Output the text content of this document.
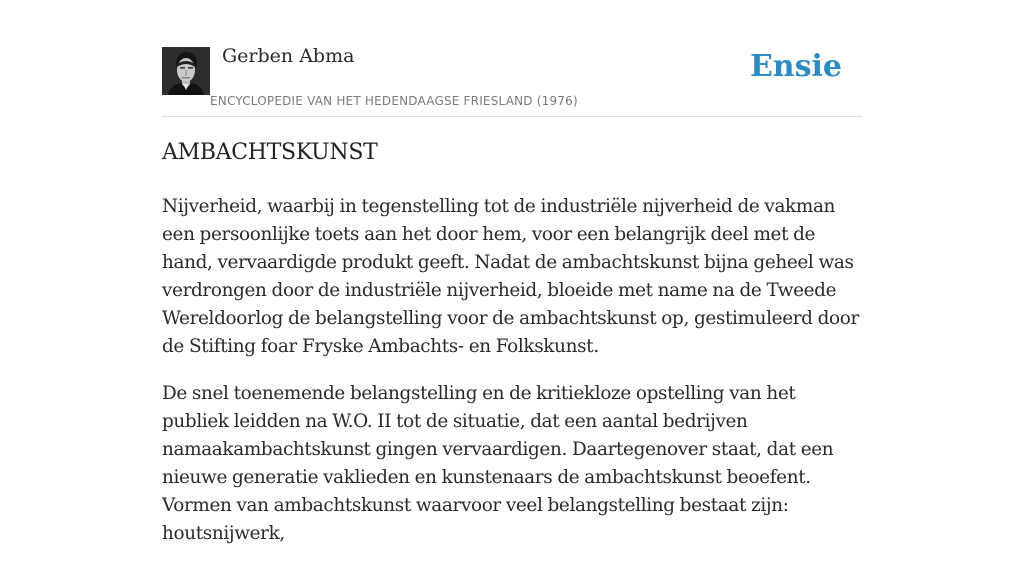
Gerben Abma
ENCYCLOPEDIE VAN HET HEDENDAAGSE FRIESLAND (1976)
Ensie
AMBACHTSKUNST

Nijverheid, waarbij in tegenstelling tot de industriële nijverheid de vakman een persoonlijke toets aan het door hem, voor een belangrijk deel met de hand, vervaardigde produkt geeft. Nadat de ambachtskunst bijna geheel was verdrongen door de industriële nijverheid, bloeide met name na de Tweede Wereldoorlog de belangstelling voor de ambachtskunst op, gestimuleerd door de Stifting foar Fryske Ambachts- en Folkskunst.

De snel toenemende belangstelling en de kritiekloze opstelling van het publiek leidden na W.O. II tot de situatie, dat een aantal bedrijven namaakambachtskunst gingen vervaardigen. Daartegenover staat, dat een nieuwe generatie vaklieden en kunstenaars de ambachtskunst beoefent. Vormen van ambachtskunst waarvoor veel belangstelling bestaat zijn: houtsnijwerk,
